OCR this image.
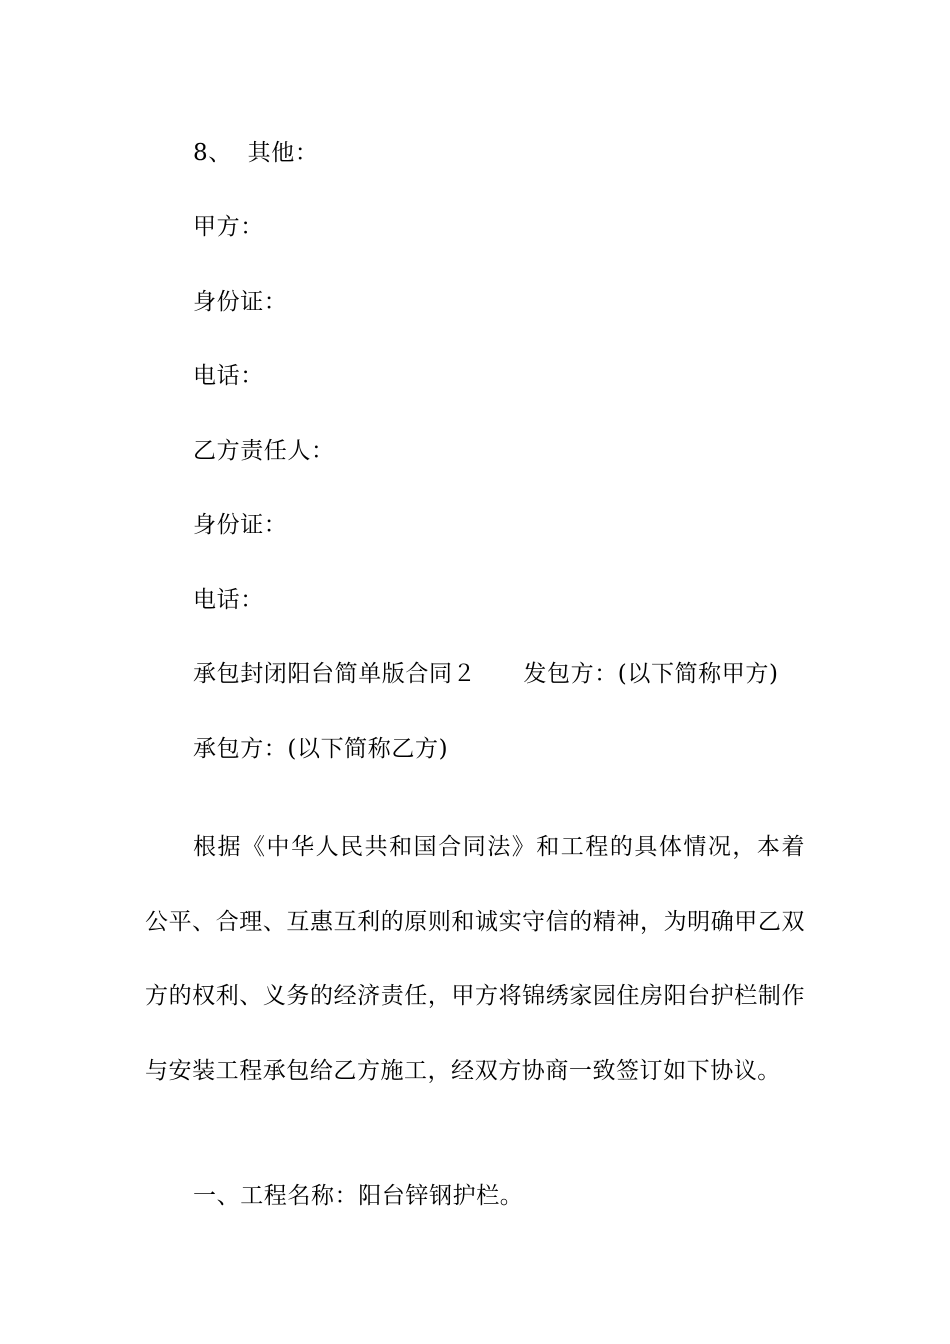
8、  其他：
甲方：
身份证：
电话：
乙方责任人：
身份证：
电话：
承包封闭阳台简单版合同２　　发包方：(以下简称甲方)
承包方：(以下简称乙方)
根据《中华人民共和国合同法》和工程的具体情况，本着公平、合理、互惠互利的原则和诚实守信的精神，为明确甲乙双方的权利、义务的经济责任，甲方将锦绣家园住房阳台护栏制作与安装工程承包给乙方施工，经双方协商一致签订如下协议。
一、工程名称：阳台锌钢护栏。
